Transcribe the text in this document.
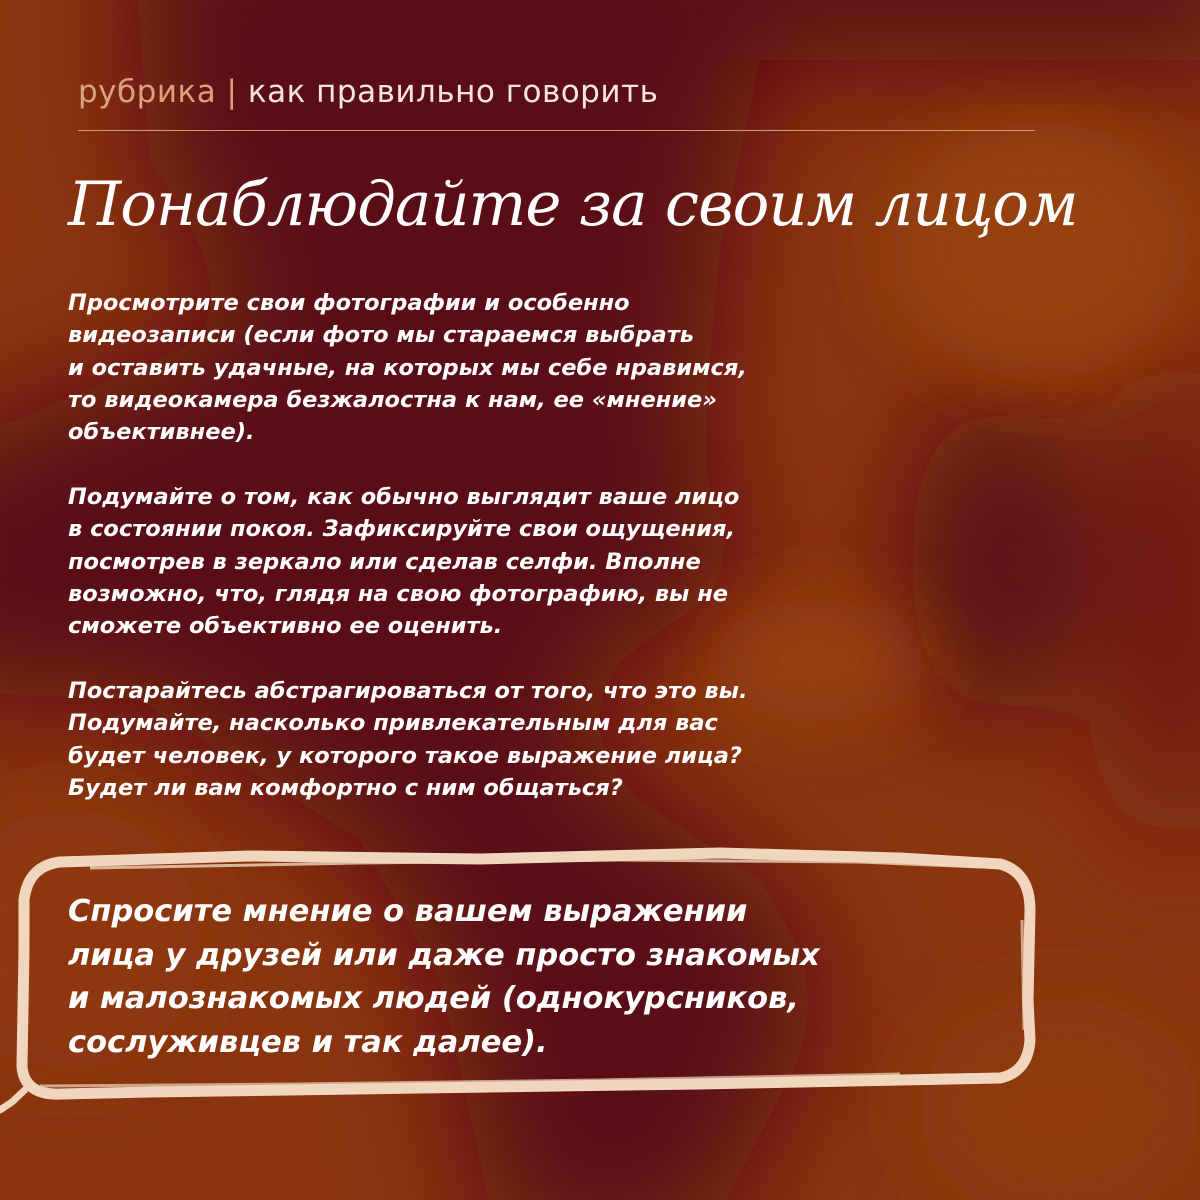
рубрика | как правильно говорить
Понаблюдайте за своим лицом

Просмотрите свои фотографии и особенно
видеозаписи (если фото мы стараемся выбрать
и оставить удачные, на которых мы себе нравимся,
то видеокамера безжалостна к нам, ее «мнение»
объективнее).

Подумайте о том, как обычно выглядит ваше лицо
в состоянии покоя. Зафиксируйте свои ощущения,
посмотрев в зеркало или сделав селфи. Вполне
возможно, что, глядя на свою фотографию, вы не
сможете объективно ее оценить.

Постарайтесь абстрагироваться от того, что это вы.
Подумайте, насколько привлекательным для вас
будет человек, у которого такое выражение лица?
Будет ли вам комфортно с ним общаться?

Спросите мнение о вашем выражении
лица у друзей или даже просто знакомых
и малознакомых людей (однокурсников,
сослуживцев и так далее).
